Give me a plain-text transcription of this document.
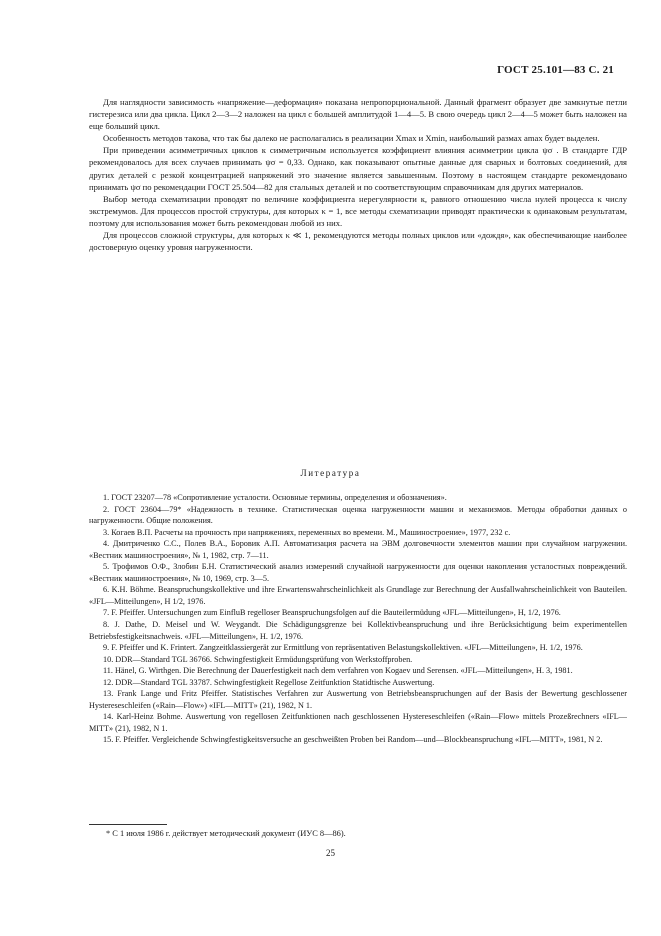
ГОСТ 25.101—83 С. 21

Для наглядности зависимость «напряжение—деформация» показана непропорциональной. Данный фрагмент образует две замкнутые петли гистерезиса или два цикла. Цикл 2—3—2 наложен на цикл с большей амплитудой 1—4—5. В свою очередь цикл 2—4—5 может быть наложен на еще больший цикл.

Особенность методов такова, что так бы далеко не располагались в реализации Xmax и Xmin, наибольший размах amax будет выделен.

При приведении асимметричных циклов к симметричным используется коэффициент влияния асимметрии цикла ψσ . В стандарте ГДР рекомендовалось для всех случаев принимать ψσ = 0,33. Однако, как показывают опытные данные для сварных и болтовых соединений, для других деталей с резкой концентрацией напряжений это значение является завышенным. Поэтому в настоящем стандарте рекомендовано принимать ψσ по рекомендации ГОСТ 25.504—82 для стальных деталей и по соответствующим справочникам для других материалов.

Выбор метода схематизации проводят по величине коэффициента нерегулярности к, равного отношению числа нулей процесса к числу экстремумов. Для процессов простой структуры, для которых κ = 1, все методы схематизации приводят практически к одинаковым результатам, поэтому для использования может быть рекомендован любой из них.

Для процессов сложной структуры, для которых κ ≪ 1, рекомендуются методы полных циклов или «дождя», как обеспечивающие наиболее достоверную оценку уровня нагруженности.

Литература

1. ГОСТ 23207—78 «Сопротивление усталости. Основные термины, определения и обозначения».

2. ГОСТ 23604—79* «Надежность в технике. Статистическая оценка нагруженности машин и механизмов. Методы обработки данных о нагруженности. Общие положения.

3. Когаев В.П. Расчеты на прочность при напряжениях, переменных во времени. М., Машиностроение», 1977, 232 с.

4. Дмитриченко С.С., Полев В.А., Боровик А.П. Автоматизация расчета на ЭВМ долговечности элементов машин при случайном нагружении. «Вестник машиностроения», № 1, 1982, стр. 7—11.

5. Трофимов О.Ф., Злобин Б.Н. Статистический анализ измерений случайной нагруженности для оценки накопления усталостных повреждений. «Вестник машиностроения», № 10, 1969, стр. 3—5.

6. K.H. Böhme. Beanspruchungskollektive und ihre Erwartenswahrscheinlichkeit als Grundlage zur Berechnung der Ausfallwahrscheinlichkeit von Bauteilen. «JFL—Mitteilungen», H 1/2, 1976.

7. F. Pfeiffer. Untersuchungen zum EinfluB regelloser Beanspruchungsfolgen auf die Bauteilermüdung «JFL—Mitteilungen», H, 1/2, 1976.

8. J. Dathe, D. Meisel und W. Weygandt. Die Schädigungsgrenze bei Kollektivbeanspruchung und ihre Berücksichtigung beim experimentellen Betriebsfestigkeitsnachweis. «JFL—Mitteilungen», H. 1/2, 1976.

9. F. Pfeiffer und K. Frintert. Zangzeitklassiergerät zur Ermittlung von repräsentativen Belastungskollektiven. «JFL—Mitteilungen», H. 1/2, 1976.

10. DDR—Standard TGL 36766. Schwingfestigkeit Ermüdungsprüfung von Werkstoffproben.

11. Hänel, G. Wirthgen. Die Berechnung der Dauerfestigkeit nach dem verfahren von Kogaev und Serensen. «JFL—Mitteilungen», H. 3, 1981.

12. DDR—Standard TGL 33787. Schwingfestigkeit Regellose Zeitfunktion Statidtische Auswertung.

13. Frank Lange und Fritz Pfeiffer. Statistisches Verfahren zur Auswertung von Betriebsbeanspruchungen auf der Basis der Bewertung geschlossener Hystereseschleifen («Rain—Flow») «IFL—MITT» (21), 1982, N 1.

14. Karl-Heinz Bohme. Auswertung von regellosen Zeitfunktionen nach geschlossenen Hystereseschleifen («Rain—Flow» mittels Prozeßrechners «IFL—MITT» (21), 1982, N 1.

15. F. Pfeiffer. Vergleichende Schwingfestigkeitsversuche an geschweißten Proben bei Random—und—Blockbeanspruchung «IFL—MITT», 1981, N 2.

* С 1 июля 1986 г. действует методический документ (ИУС 8—86).
25
